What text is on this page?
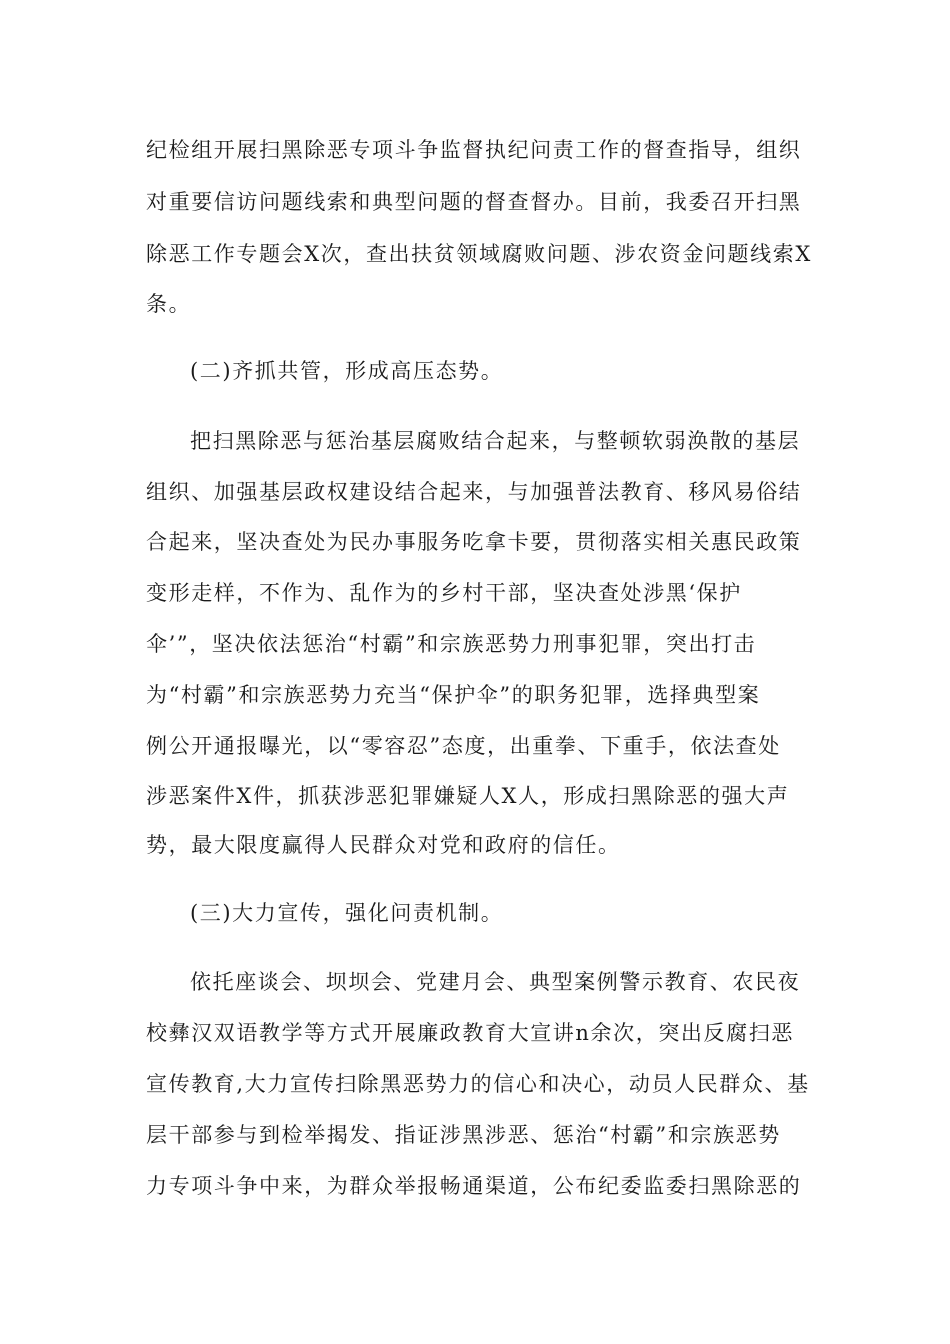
纪检组开展扫黑除恶专项斗争监督执纪问责工作的督查指导，组织
对重要信访问题线索和典型问题的督查督办。目前，我委召开扫黑
除恶工作专题会X次，查出扶贫领域腐败问题、涉农资金问题线索X
条。
(二)齐抓共管，形成高压态势。
把扫黑除恶与惩治基层腐败结合起来，与整顿软弱涣散的基层
组织、加强基层政权建设结合起来，与加强普法教育、移风易俗结
合起来，坚决查处为民办事服务吃拿卡要，贯彻落实相关惠民政策
变形走样，不作为、乱作为的乡村干部，坚决查处涉黑‘保护
伞’”，坚决依法惩治“村霸”和宗族恶势力刑事犯罪，突出打击
为“村霸”和宗族恶势力充当“保护伞”的职务犯罪，选择典型案
例公开通报曝光，以“零容忍”态度，出重拳、下重手，依法查处
涉恶案件X件，抓获涉恶犯罪嫌疑人X人，形成扫黑除恶的强大声
势，最大限度赢得人民群众对党和政府的信任。
(三)大力宣传，强化问责机制。
依托座谈会、坝坝会、党建月会、典型案例警示教育、农民夜
校彝汉双语教学等方式开展廉政教育大宣讲n余次，突出反腐扫恶
宣传教育,大力宣传扫除黑恶势力的信心和决心，动员人民群众、基
层干部参与到检举揭发、指证涉黑涉恶、惩治“村霸”和宗族恶势
力专项斗争中来，为群众举报畅通渠道，公布纪委监委扫黑除恶的
